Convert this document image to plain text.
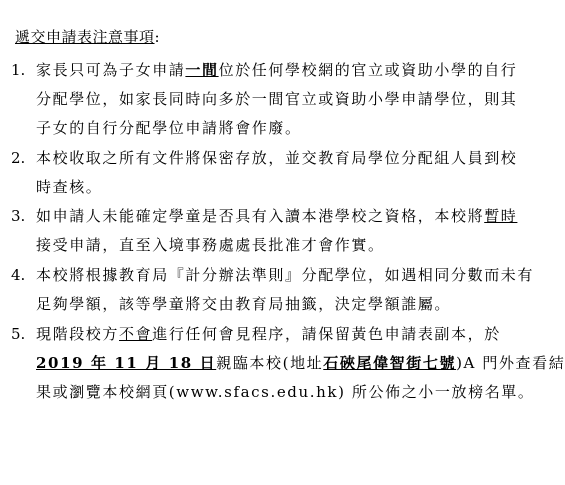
遞交申請表注意事項:
1. 家長只可為子女申請一間位於任何學校網的官立或資助小學的自行
分配學位，如家長同時向多於一間官立或資助小學申請學位，則其
子女的自行分配學位申請將會作廢。
2. 本校收取之所有文件將保密存放，並交教育局學位分配組人員到校
時查核。
3. 如申請人未能確定學童是否具有入讀本港學校之資格，本校將暫時
接受申請，直至入境事務處處長批准才會作實。
4. 本校將根據教育局『計分辦法準則』分配學位，如遇相同分數而未有
足夠學額，該等學童將交由教育局抽籤，決定學額誰屬。
5. 現階段校方不會進行任何會見程序，請保留黃色申請表副本，於
2019 年 11 月 18 日親臨本校(地址石硤尾偉智街七號)A 門外查看結
果或瀏覽本校網頁(www.sfacs.edu.hk) 所公佈之小一放榜名單。
